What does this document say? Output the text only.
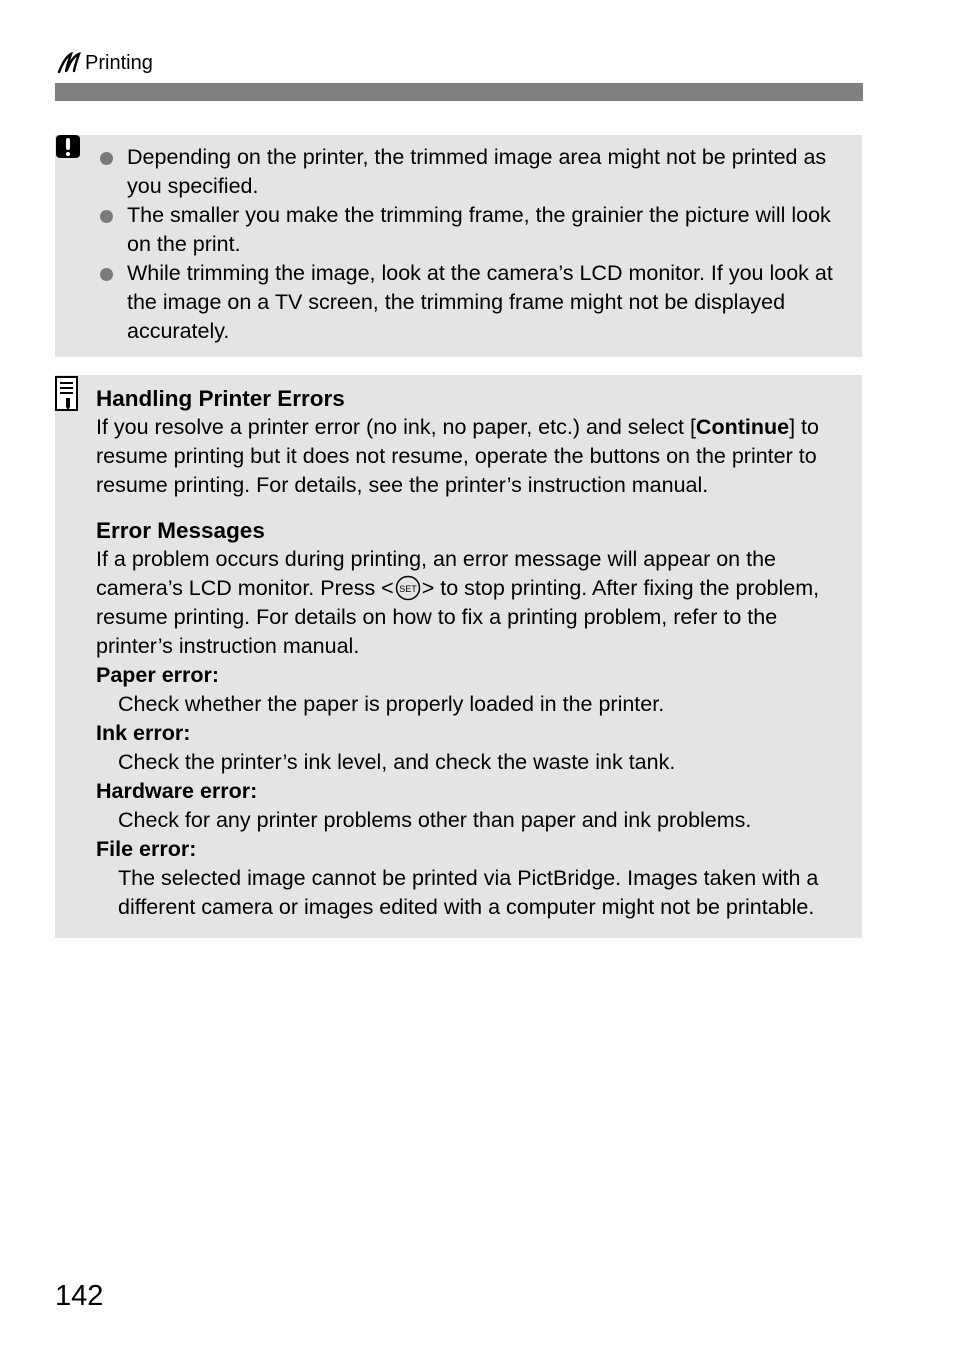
Printing
Depending on the printer, the trimmed image area might not be printed as you specified.
The smaller you make the trimming frame, the grainier the picture will look on the print.
While trimming the image, look at the camera’s LCD monitor. If you look at the image on a TV screen, the trimming frame might not be displayed accurately.
Handling Printer Errors

If you resolve a printer error (no ink, no paper, etc.) and select [Continue] to resume printing but it does not resume, operate the buttons on the printer to resume printing. For details, see the printer’s instruction manual.

Error Messages

If a problem occurs during printing, an error message will appear on the camera’s LCD monitor. Press < SET > to stop printing. After fixing the problem, resume printing. For details on how to fix a printing problem, refer to the printer’s instruction manual.

Paper error:
Check whether the paper is properly loaded in the printer.
Ink error:
Check the printer’s ink level, and check the waste ink tank.
Hardware error:
Check for any printer problems other than paper and ink problems.
File error:
The selected image cannot be printed via PictBridge. Images taken with a different camera or images edited with a computer might not be printable.
142
